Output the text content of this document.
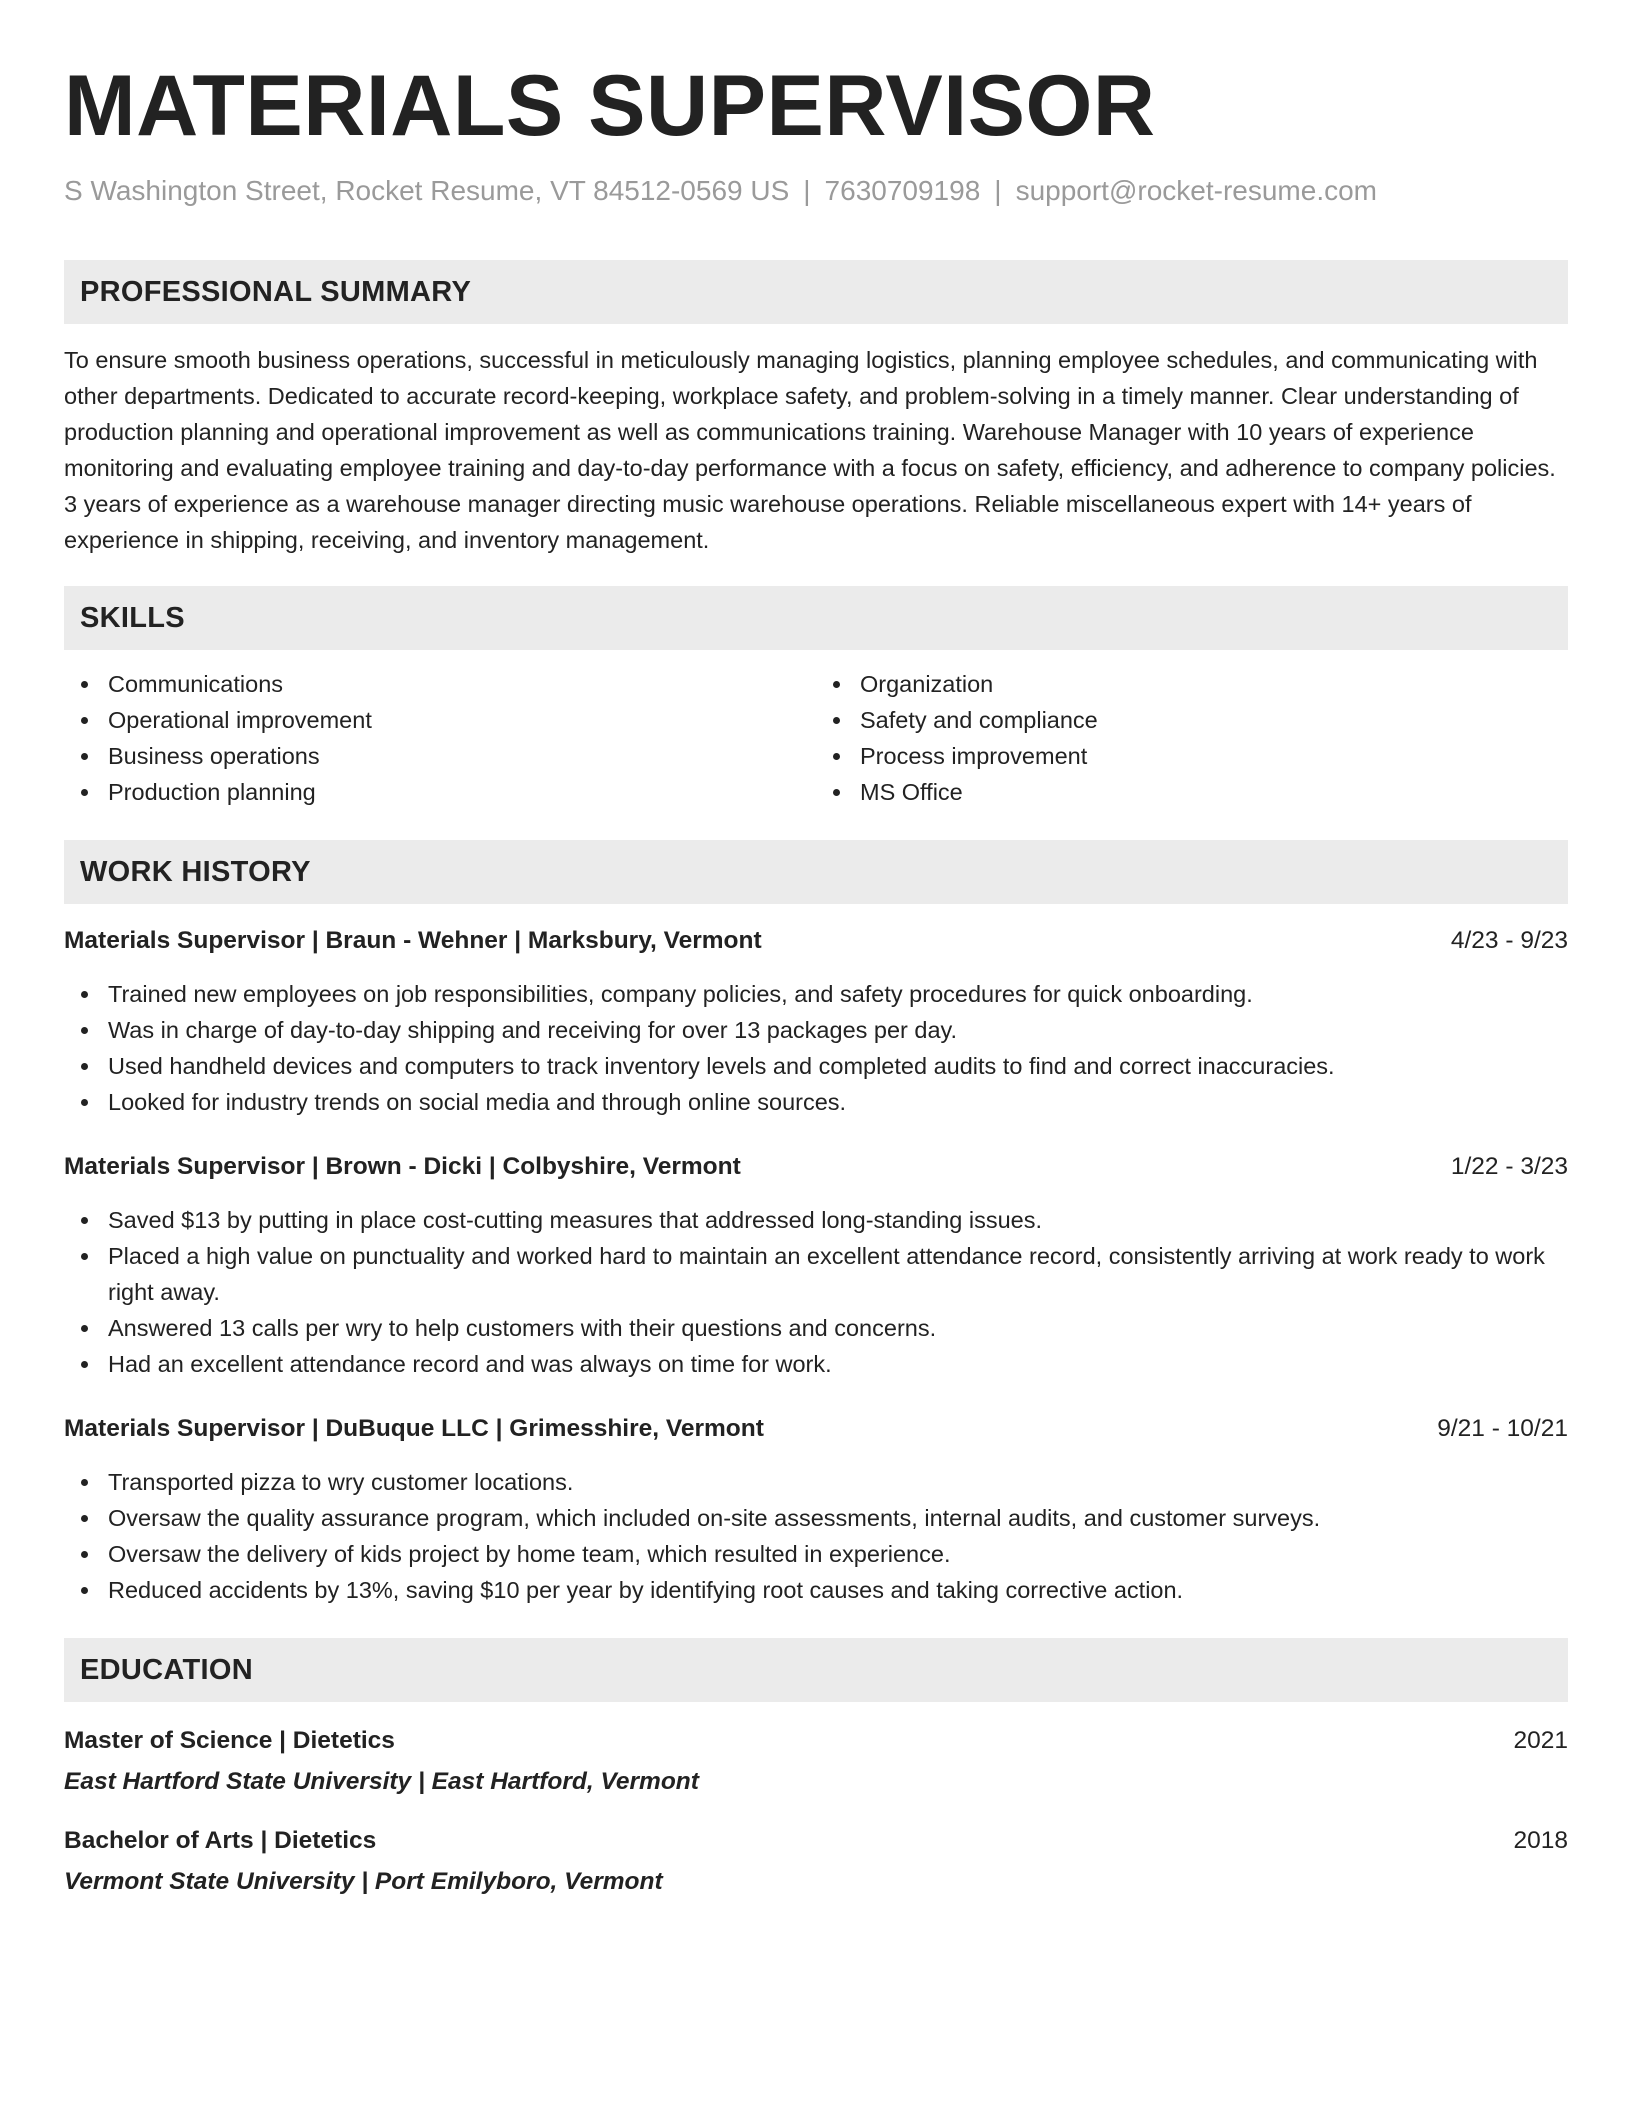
MATERIALS SUPERVISOR
S Washington Street, Rocket Resume, VT 84512-0569 US | 7630709198 | support@rocket-resume.com
PROFESSIONAL SUMMARY

To ensure smooth business operations, successful in meticulously managing logistics, planning employee schedules, and communicating with other departments. Dedicated to accurate record-keeping, workplace safety, and problem-solving in a timely manner. Clear understanding of production planning and operational improvement as well as communications training. Warehouse Manager with 10 years of experience monitoring and evaluating employee training and day-to-day performance with a focus on safety, efficiency, and adherence to company policies. 3 years of experience as a warehouse manager directing music warehouse operations. Reliable miscellaneous expert with 14+ years of experience in shipping, receiving, and inventory management.

SKILLS
Communications
Operational improvement
Business operations
Production planning
Organization
Safety and compliance
Process improvement
MS Office
WORK HISTORY
Materials Supervisor | Braun - Wehner | Marksbury, Vermont	4/23 - 9/23
Trained new employees on job responsibilities, company policies, and safety procedures for quick onboarding.
Was in charge of day-to-day shipping and receiving for over 13 packages per day.
Used handheld devices and computers to track inventory levels and completed audits to find and correct inaccuracies.
Looked for industry trends on social media and through online sources.
Materials Supervisor | Brown - Dicki | Colbyshire, Vermont	1/22 - 3/23
Saved $13 by putting in place cost-cutting measures that addressed long-standing issues.
Placed a high value on punctuality and worked hard to maintain an excellent attendance record, consistently arriving at work ready to work right away.
Answered 13 calls per wry to help customers with their questions and concerns.
Had an excellent attendance record and was always on time for work.
Materials Supervisor | DuBuque LLC | Grimesshire, Vermont	9/21 - 10/21
Transported pizza to wry customer locations.
Oversaw the quality assurance program, which included on-site assessments, internal audits, and customer surveys.
Oversaw the delivery of kids project by home team, which resulted in experience.
Reduced accidents by 13%, saving $10 per year by identifying root causes and taking corrective action.
EDUCATION
Master of Science | Dietetics	2021
East Hartford State University | East Hartford, Vermont
Bachelor of Arts | Dietetics	2018
Vermont State University | Port Emilyboro, Vermont
